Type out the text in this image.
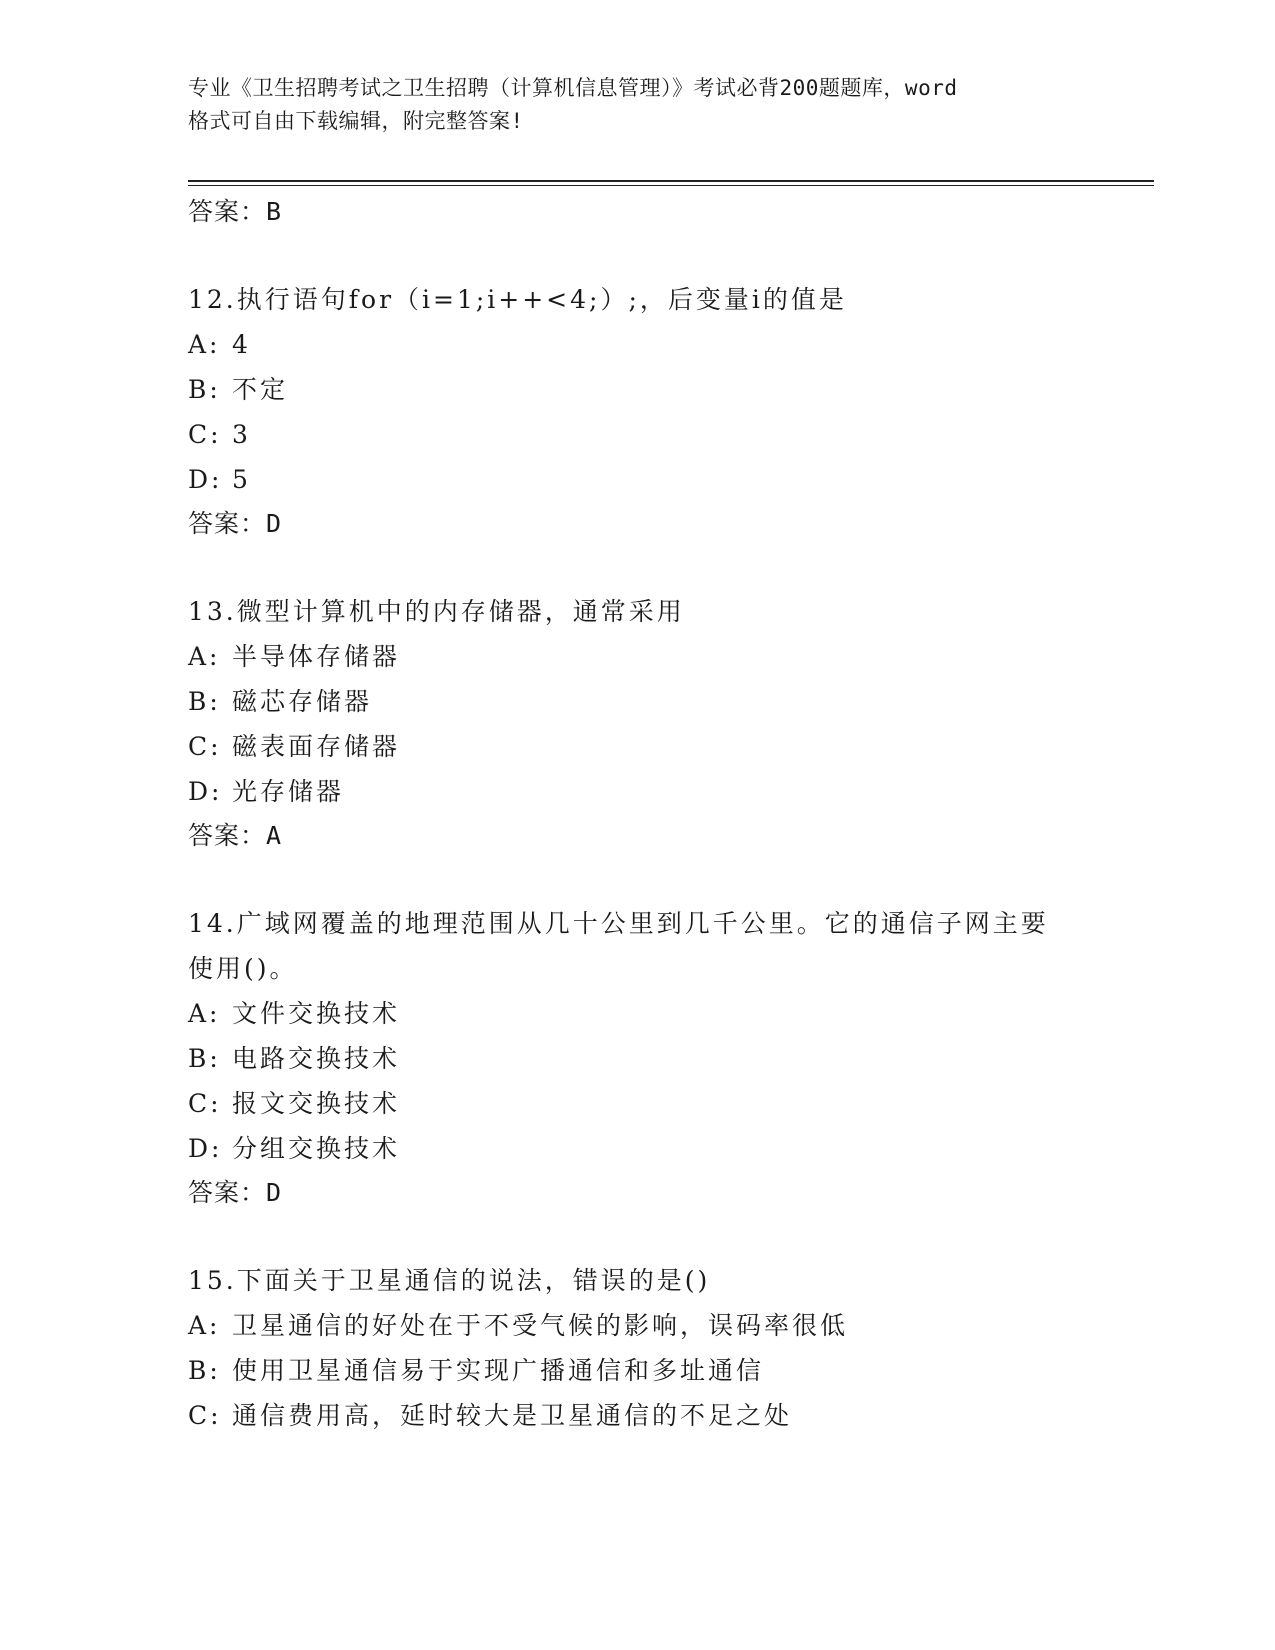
专业《卫生招聘考试之卫生招聘（计算机信息管理）》考试必背200题题库，word
格式可自由下载编辑，附完整答案!
答案：B
12.执行语句for（i=1;i++<4;）;，后变量i的值是
A: 4
B: 不定
C: 3
D: 5
答案：D
13.微型计算机中的内存储器，通常采用
A: 半导体存储器
B: 磁芯存储器
C: 磁表面存储器
D: 光存储器
答案：A
14.广域网覆盖的地理范围从几十公里到几千公里。它的通信子网主要
使用()。
A: 文件交换技术
B: 电路交换技术
C: 报文交换技术
D: 分组交换技术
答案：D
15.下面关于卫星通信的说法，错误的是()
A: 卫星通信的好处在于不受气候的影响，误码率很低
B: 使用卫星通信易于实现广播通信和多址通信
C: 通信费用高，延时较大是卫星通信的不足之处
